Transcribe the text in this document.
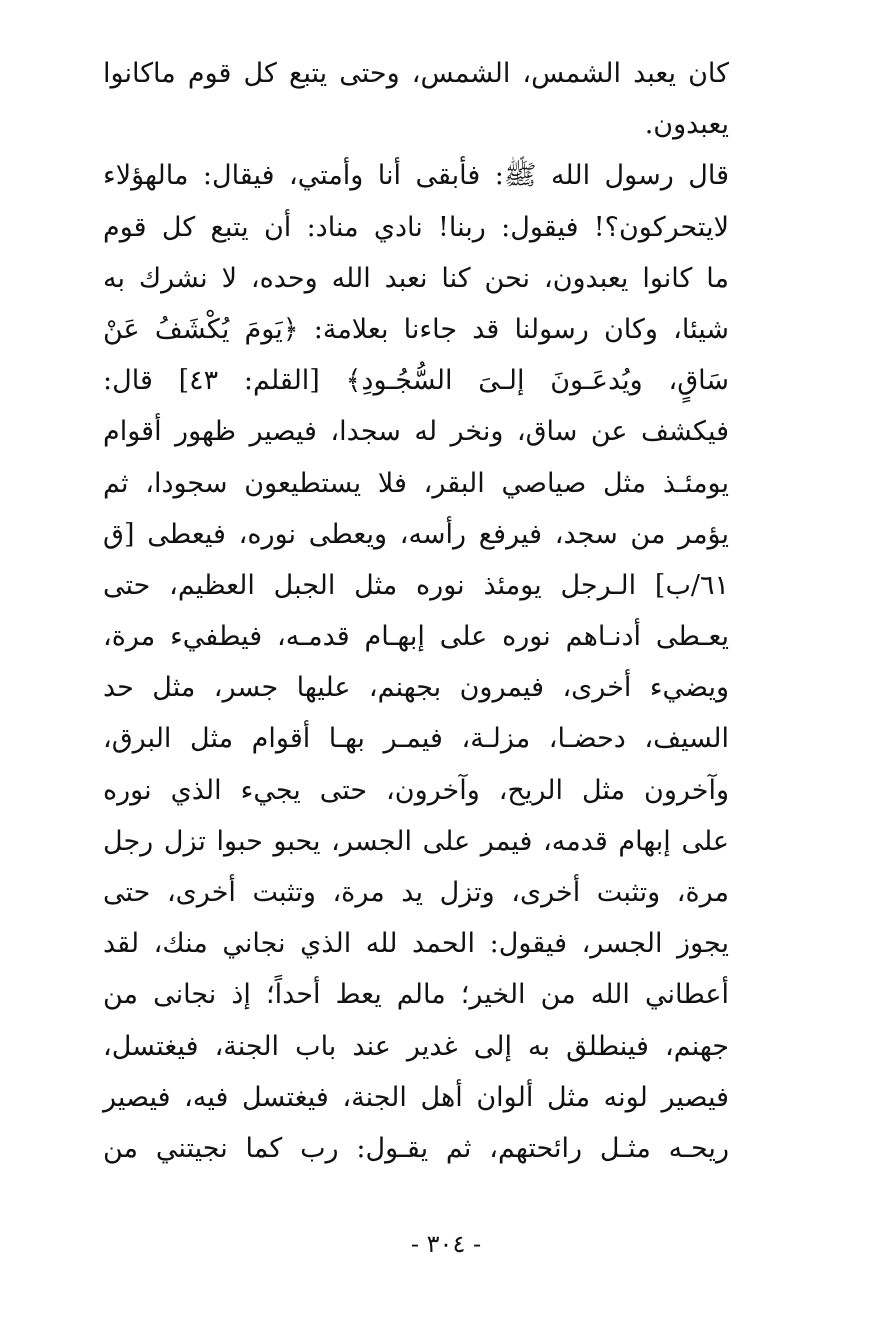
كان يعبد الشمس، الشمس، وحتى يتبع كل قوم ماكانوا
يعبدون.
قال رسول الله ﷺ: فأبقى أنا وأمتي، فيقال: مالهؤلاء
لايتحركون؟! فيقول: ربنا! نادي مناد: أن يتبع كل قوم
ما كانوا يعبدون، نحن كنا نعبد الله وحده، لا نشرك به
شيئا، وكان رسولنا قد جاءنا بعلامة: ﴿يَومَ يُكْشَفُ عَنْ
سَاقٍ، ويُدعَـونَ إلـىَ السُّجُـودِ﴾ [القلم: ٤٣] قال:
فيكشف عن ساق، ونخر له سجدا، فيصير ظهور أقوام
يومئـذ مثل صياصي البقر، فلا يستطيعون سجودا، ثم
يؤمر من سجد، فيرفع رأسه، ويعطى نوره، فيعطى [ق
٦١/ب] الـرجل يومئذ نوره مثل الجبل العظيم، حتى
يعـطى أدنـاهم نوره على إبهـام قدمـه، فيطفيء مرة،
ويضيء أخرى، فيمرون بجهنم، عليها جسر، مثل حد
السيف، دحضـا، مزلـة، فيمـر بهـا أقوام مثل البرق،
وآخرون مثل الريح، وآخرون، حتى يجيء الذي نوره
على إبهام قدمه، فيمر على الجسر، يحبو حبوا تزل رجل
مرة، وتثبت أخرى، وتزل يد مرة، وتثبت أخرى، حتى
يجوز الجسر، فيقول: الحمد لله الذي نجاني منك، لقد
أعطاني الله من الخير؛ مالم يعط أحداً؛ إذ نجانى من
جهنم، فينطلق به إلى غدير عند باب الجنة، فيغتسل،
فيصير لونه مثل ألوان أهل الجنة، فيغتسل فيه، فيصير
ريحـه مثـل رائحتهم، ثم يقـول: رب كما نجيتني من
- ٣٠٤ -
